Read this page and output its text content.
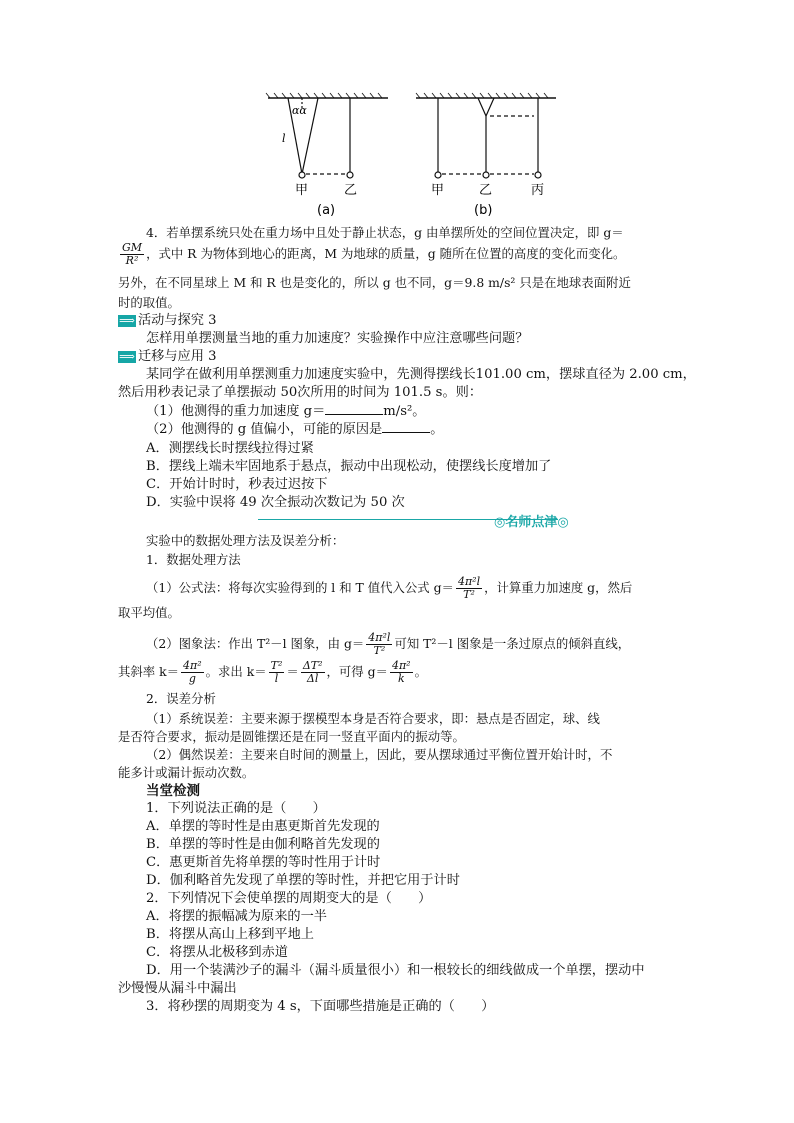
αα
l
甲	乙
(a)
甲	乙	丙
(b)
4．若单摆系统只处在重力场中且处于静止状态，g 由单摆所处的空间位置决定，即 g＝
$\frac{GM}{\text{R²}}$ ，式中 R 为物体到地心的距离，M 为地球的质量，g 随所在位置的高度的变化而变化。
另外，在不同星球上 M 和 R 也是变化的，所以 g 也不同，g＝9.8 m/s² 只是在地球表面附近
时的取值。
⟹ 活动与探究 3
怎样用单摆测量当地的重力加速度？实验操作中应注意哪些问题？
⟹ 迁移与应用 3
某同学在做利用单摆测重力加速度实验中，先测得摆线长101.00 cm，摆球直径为 2.00 cm，
然后用秒表记录了单摆振动 50次所用的时间为 101.5 s。则：
（1）他测得的重力加速度 g＝	m/s²。
（2）他测得的 g 值偏小，可能的原因是	。
A．测摆线长时摆线拉得过紧
B．摆线上端未牢固地系于悬点，振动中出现松动，使摆线长度增加了
C．开始计时时，秒表过迟按下
D．实验中误将 49 次全振动次数记为 50 次
◎名师点津◎
实验中的数据处理方法及误差分析：
1．数据处理方法
（1）公式法：将每次实验得到的 l 和 T 值代入公式 $g= \frac{\text{4π²l}}{\text{T²}}$ ，计算重力加速度 g，然后
取平均值。
（2）图象法：作出 T²－l 图象，由 $g= \frac{\text{4π²l}}{\text{T²}}$ 可知 T²－l 图象是一条过原点的倾斜直线，
其斜率 $k= \frac{\text{4π²}}{g}$ 。求出 $k= \frac{\text{T²}}{l} = \frac{\text{ΔT²}}{\Delta l}$ ，可得 $g= \frac{\text{4π²}}{k}$ 。
2．误差分析
（1）系统误差：主要来源于摆模型本身是否符合要求，即：悬点是否固定，球、线
是否符合要求，振动是圆锥摆还是在同一竖直平面内的振动等。
（2）偶然误差：主要来自时间的测量上，因此，要从摆球通过平衡位置开始计时，不
能多计或漏计振动次数。
当堂检测
1．下列说法正确的是（　　）
A．单摆的等时性是由惠更斯首先发现的
B．单摆的等时性是由伽利略首先发现的
C．惠更斯首先将单摆的等时性用于计时
D．伽利略首先发现了单摆的等时性，并把它用于计时
2．下列情况下会使单摆的周期变大的是（　　）
A．将摆的振幅减为原来的一半
B．将摆从高山上移到平地上
C．将摆从北极移到赤道
D．用一个装满沙子的漏斗（漏斗质量很小）和一根较长的细线做成一个单摆，摆动中
沙慢慢从漏斗中漏出
3．将秒摆的周期变为 4 s，下面哪些措施是正确的（　　）
